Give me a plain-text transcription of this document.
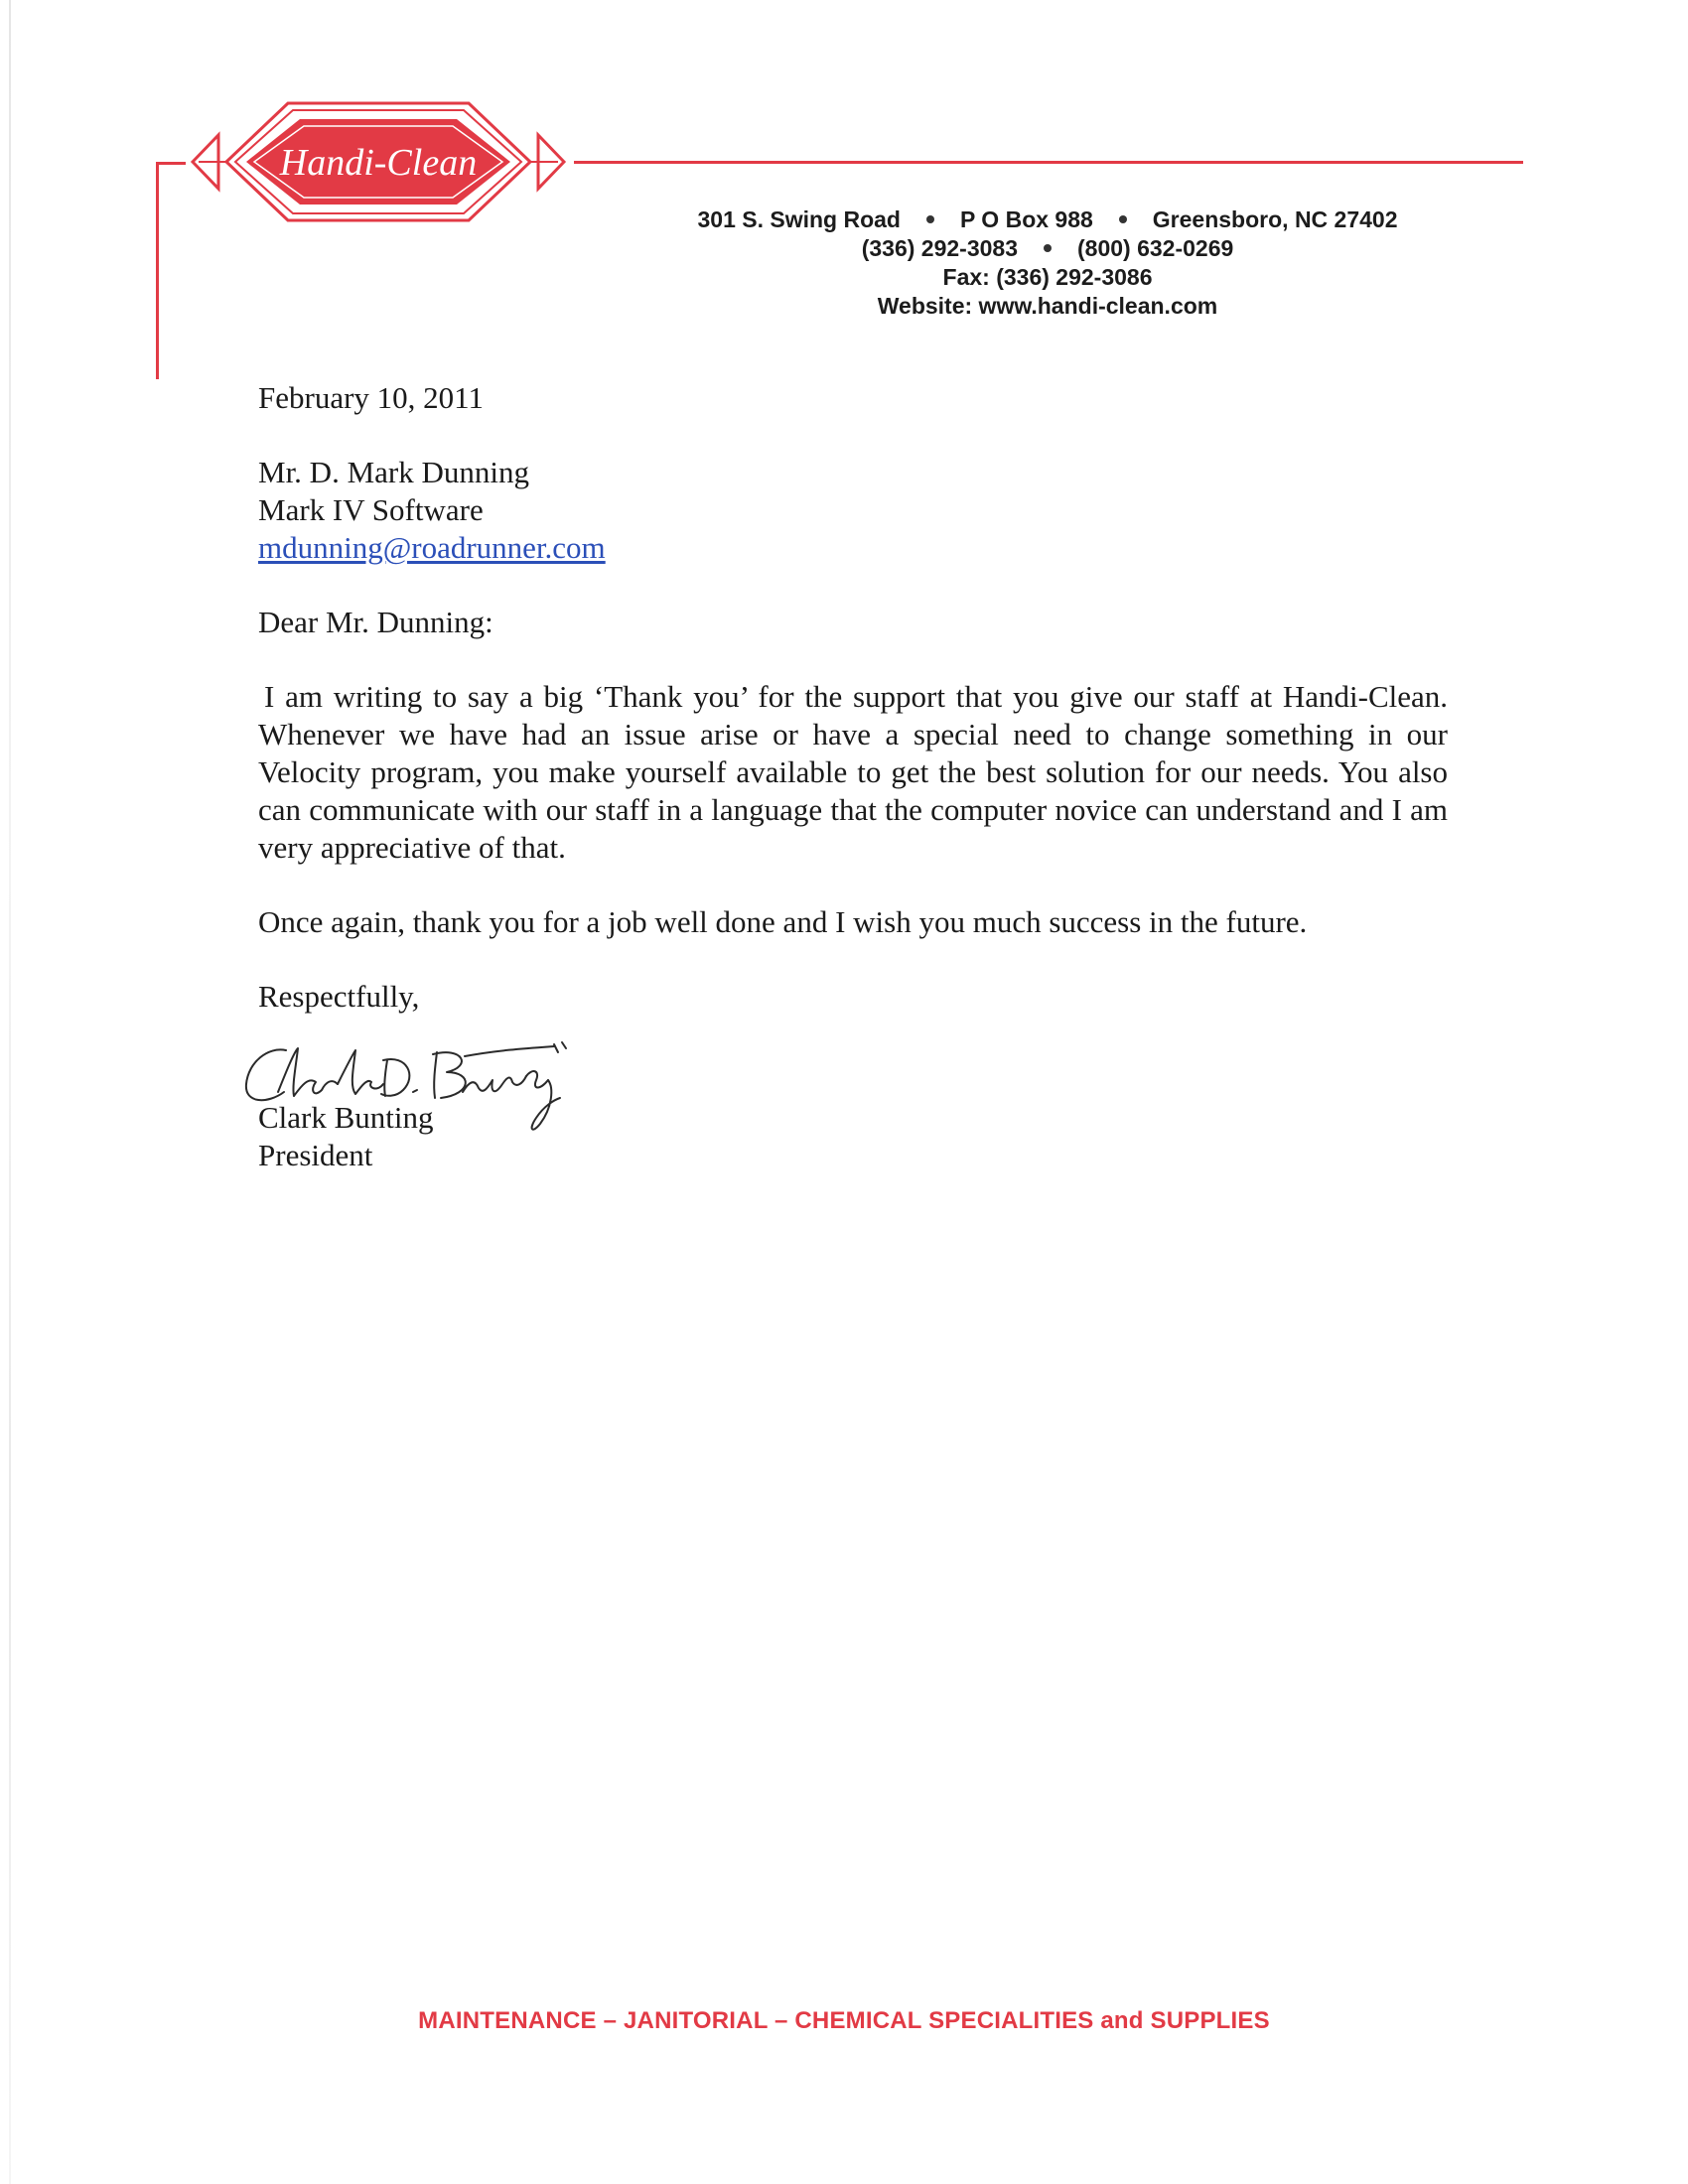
Handi-Clean
301 S. Swing Road	P O Box 988	Greensboro, NC 27402
(336) 292-3083	(800) 632-0269
Fax: (336) 292-3086
Website: www.handi-clean.com
February 10, 2011
Mr. D. Mark Dunning
Mark IV Software
mdunning@roadrunner.com
Dear Mr. Dunning:

I am writing to say a big ‘Thank you’ for the support that you give our staff at Handi-Clean. Whenever we have had an issue arise or have a special need to change something in our Velocity program, you make yourself available to get the best solution for our needs. You also can communicate with our staff in a language that the computer novice can understand and I am very appreciative of that.

Once again, thank you for a job well done and I wish you much success in the future.

Respectfully,
Clark Bunting
President
MAINTENANCE – JANITORIAL – CHEMICAL SPECIALITIES and SUPPLIES
